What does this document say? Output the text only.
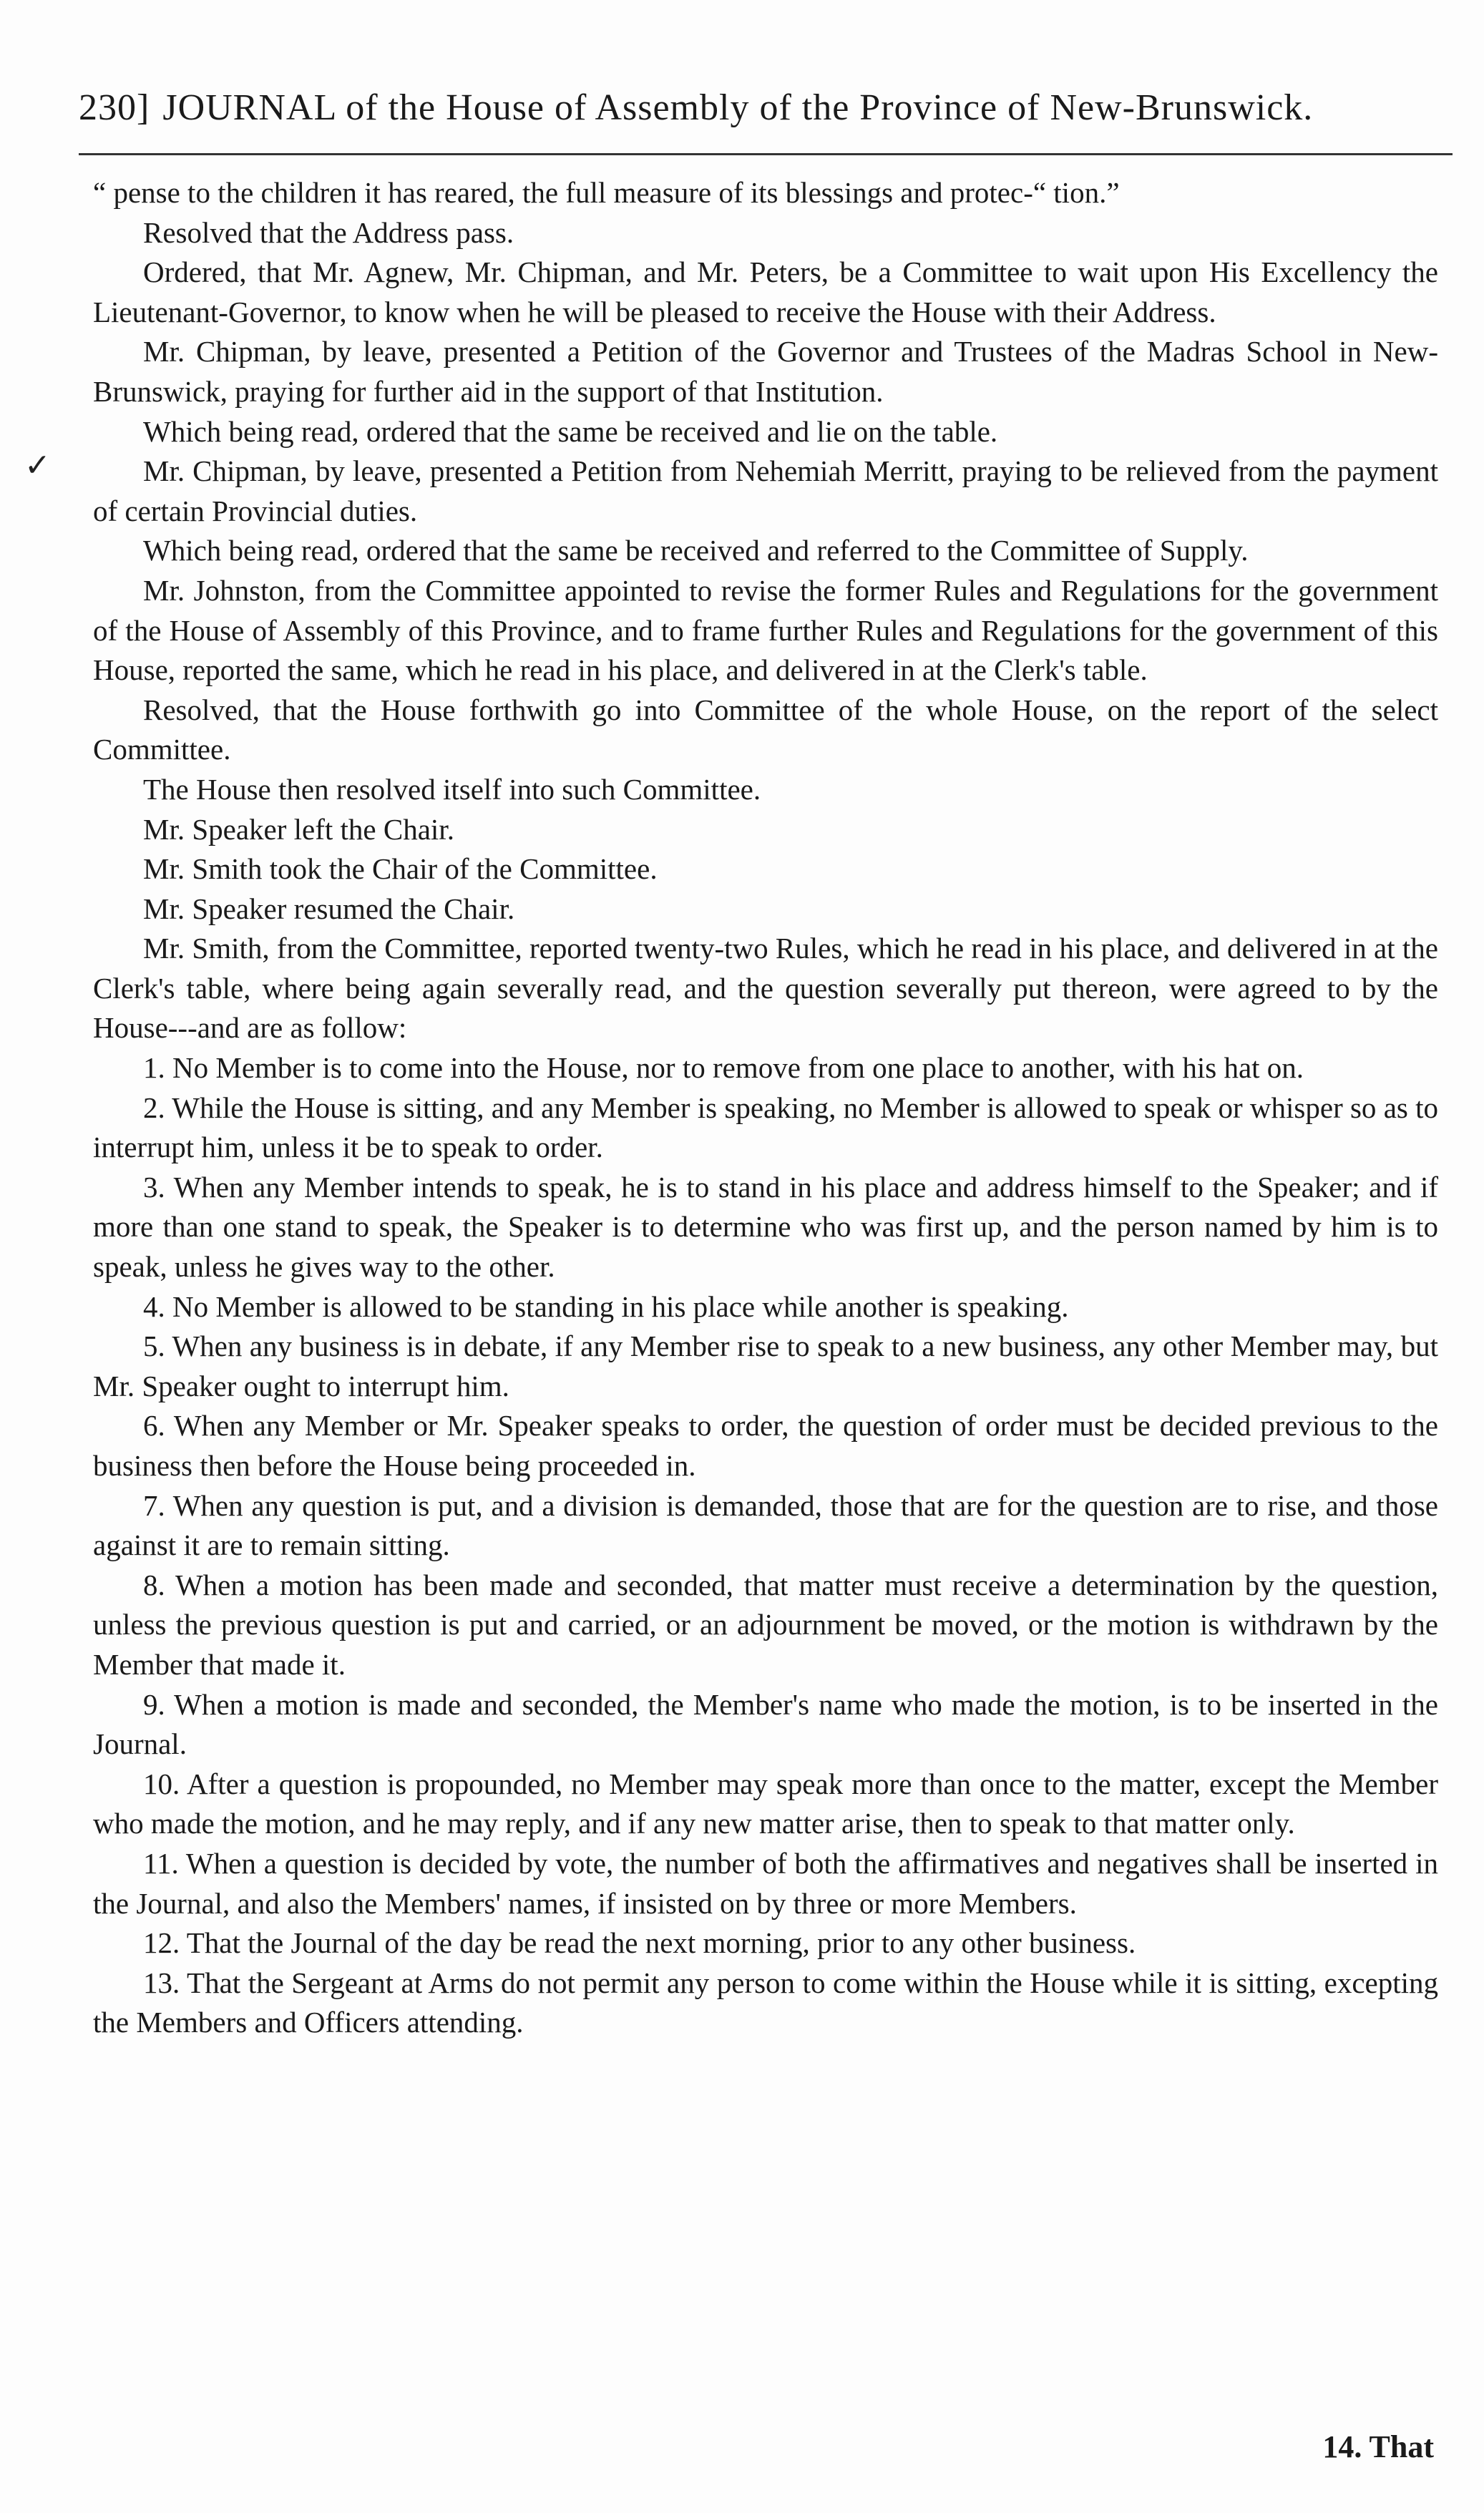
230] JOURNAL of the House of Assembly of the Province of New-Brunswick.
✓

“ pense to the children it has reared, the full measure of its blessings and protec-“ tion.”

Resolved that the Address pass.

Ordered, that Mr. Agnew, Mr. Chipman, and Mr. Peters, be a Committee to wait upon His Excellency the Lieutenant-Governor, to know when he will be pleased to receive the House with their Address.

Mr. Chipman, by leave, presented a Petition of the Governor and Trustees of the Madras School in New-Brunswick, praying for further aid in the support of that Institution.

Which being read, ordered that the same be received and lie on the table.

Mr. Chipman, by leave, presented a Petition from Nehemiah Merritt, praying to be relieved from the payment of certain Provincial duties.

Which being read, ordered that the same be received and referred to the Committee of Supply.

Mr. Johnston, from the Committee appointed to revise the former Rules and Regulations for the government of the House of Assembly of this Province, and to frame further Rules and Regulations for the government of this House, reported the same, which he read in his place, and delivered in at the Clerk's table.

Resolved, that the House forthwith go into Committee of the whole House, on the report of the select Committee.

The House then resolved itself into such Committee.

Mr. Speaker left the Chair.

Mr. Smith took the Chair of the Committee.

Mr. Speaker resumed the Chair.

Mr. Smith, from the Committee, reported twenty-two Rules, which he read in his place, and delivered in at the Clerk's table, where being again severally read, and the question severally put thereon, were agreed to by the House---and are as follow:

1. No Member is to come into the House, nor to remove from one place to another, with his hat on.

2. While the House is sitting, and any Member is speaking, no Member is allowed to speak or whisper so as to interrupt him, unless it be to speak to order.

3. When any Member intends to speak, he is to stand in his place and address himself to the Speaker; and if more than one stand to speak, the Speaker is to determine who was first up, and the person named by him is to speak, unless he gives way to the other.

4. No Member is allowed to be standing in his place while another is speaking.

5. When any business is in debate, if any Member rise to speak to a new business, any other Member may, but Mr. Speaker ought to interrupt him.

6. When any Member or Mr. Speaker speaks to order, the question of order must be decided previous to the business then before the House being proceeded in.

7. When any question is put, and a division is demanded, those that are for the question are to rise, and those against it are to remain sitting.

8. When a motion has been made and seconded, that matter must receive a determination by the question, unless the previous question is put and carried, or an adjournment be moved, or the motion is withdrawn by the Member that made it.

9. When a motion is made and seconded, the Member's name who made the motion, is to be inserted in the Journal.

10. After a question is propounded, no Member may speak more than once to the matter, except the Member who made the motion, and he may reply, and if any new matter arise, then to speak to that matter only.

11. When a question is decided by vote, the number of both the affirmatives and negatives shall be inserted in the Journal, and also the Members' names, if insisted on by three or more Members.

12. That the Journal of the day be read the next morning, prior to any other business.

13. That the Sergeant at Arms do not permit any person to come within the House while it is sitting, excepting the Members and Officers attending.

14. That
